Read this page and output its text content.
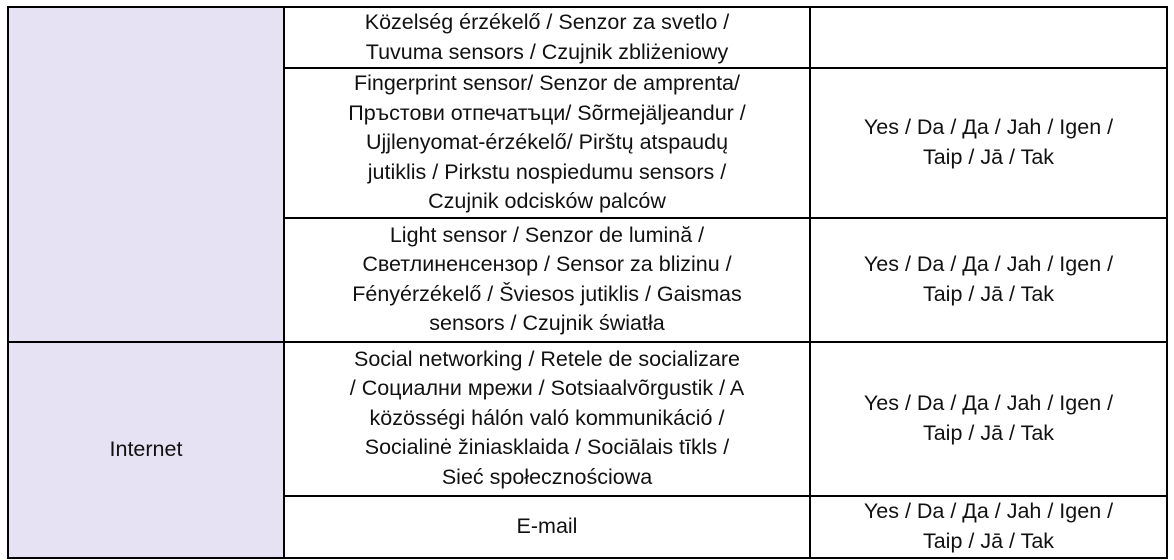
	Közelség érzékelő / Senzor za svetlo /
Tuvuma sensors / Czujnik zbliżeniowy	

	Fingerprint sensor/ Senzor de amprenta/
Пръстови отпечатъци/ Sõrmejäljeandur /
Ujjlenyomat-érzékelő/ Pirštų atspaudų
jutiklis / Pirkstu nospiedumu sensors /
Czujnik odcisków palców	Yes / Da / Да / Jah / Igen /
Taip / Jā / Tak

	Light sensor / Senzor de lumină /
Светлиненсензор / Sensor za blizinu /
Fényérzékelő / Šviesos jutiklis / Gaismas
sensors / Czujnik światła	Yes / Da / Да / Jah / Igen /
Taip / Jā / Tak

Internet	Social networking / Retele de socializare
/ Социални мрежи / Sotsiaalvõrgustik / A
közösségi hálón való kommunikáció /
Socialinė žiniasklaida / Sociālais tīkls /
Sieć społecznościowa	Yes / Da / Да / Jah / Igen /
Taip / Jā / Tak

	E-mail	Yes / Da / Да / Jah / Igen /
Taip / Jā / Tak
